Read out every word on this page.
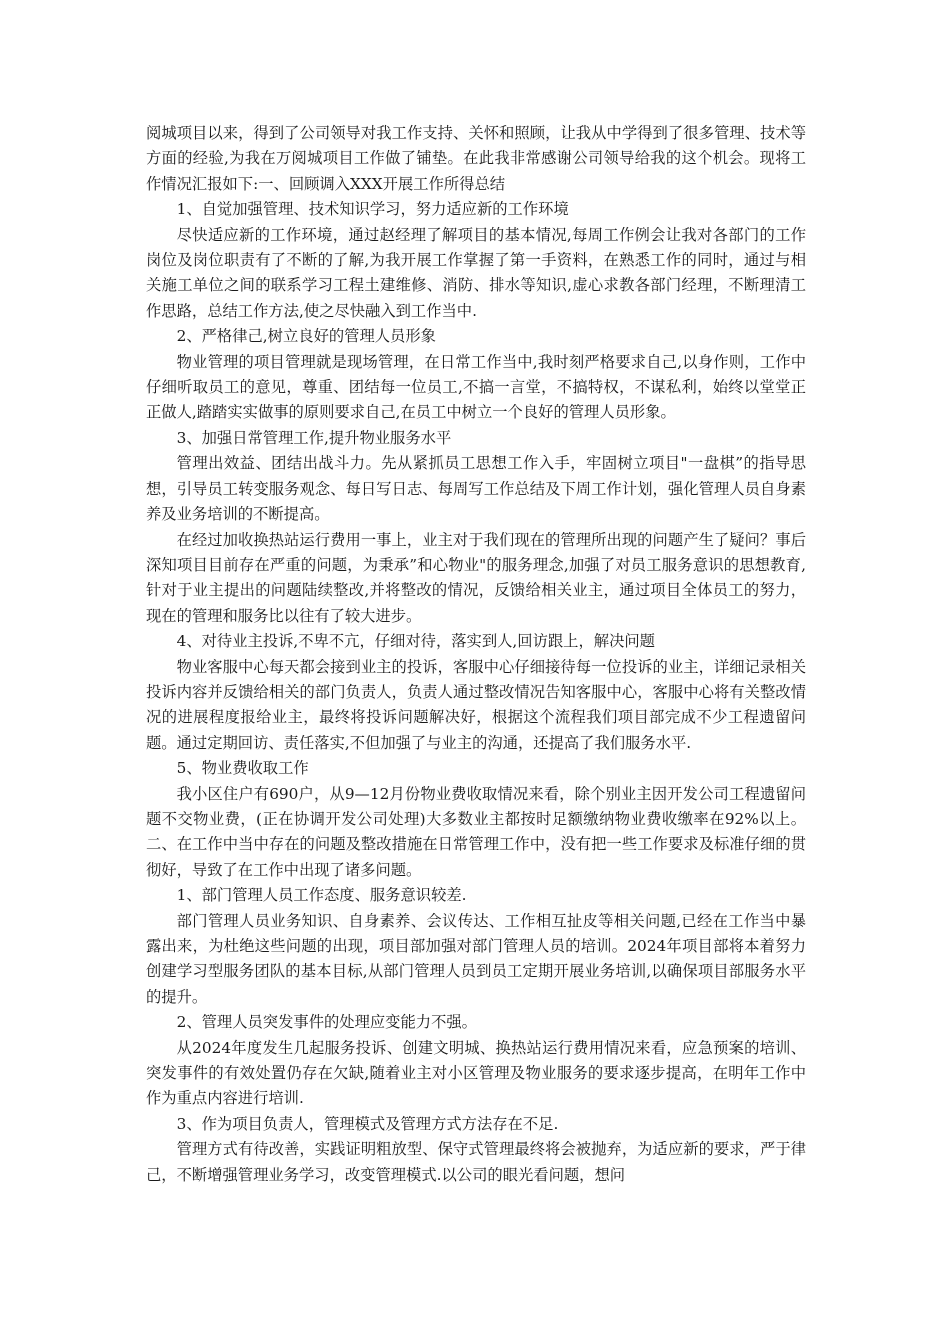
阅城项目以来，得到了公司领导对我工作支持、关怀和照顾，让我从中学得到了很多管理、技术等方面的经验,为我在万阅城项目工作做了铺垫。在此我非常感谢公司领导给我的这个机会。现将工作情况汇报如下:一、回顾调入XXX开展工作所得总结

1、自觉加强管理、技术知识学习，努力适应新的工作环境

尽快适应新的工作环境，通过赵经理了解项目的基本情况,每周工作例会让我对各部门的工作岗位及岗位职责有了不断的了解,为我开展工作掌握了第一手资料，在熟悉工作的同时，通过与相关施工单位之间的联系学习工程土建维修、消防、排水等知识,虚心求教各部门经理，不断理清工作思路，总结工作方法,使之尽快融入到工作当中.

2、严格律己,树立良好的管理人员形象

物业管理的项目管理就是现场管理，在日常工作当中,我时刻严格要求自己,以身作则，工作中仔细听取员工的意见，尊重、团结每一位员工,不搞一言堂，不搞特权，不谋私利，始终以堂堂正正做人,踏踏实实做事的原则要求自己,在员工中树立一个良好的管理人员形象。

3、加强日常管理工作,提升物业服务水平

管理出效益、团结出战斗力。先从紧抓员工思想工作入手，牢固树立项目"一盘棋”的指导思想，引导员工转变服务观念、每日写日志、每周写工作总结及下周工作计划，强化管理人员自身素养及业务培训的不断提高。

在经过加收换热站运行费用一事上，业主对于我们现在的管理所出现的问题产生了疑问？事后深知项目目前存在严重的问题，为秉承”和心物业"的服务理念,加强了对员工服务意识的思想教育,针对于业主提出的问题陆续整改,并将整改的情况，反馈给相关业主，通过项目全体员工的努力，现在的管理和服务比以往有了较大进步。

4、对待业主投诉,不卑不亢，仔细对待，落实到人,回访跟上，解决问题

物业客服中心每天都会接到业主的投诉，客服中心仔细接待每一位投诉的业主，详细记录相关投诉内容并反馈给相关的部门负责人，负责人通过整改情况告知客服中心，客服中心将有关整改情况的进展程度报给业主，最终将投诉问题解决好，根据这个流程我们项目部完成不少工程遗留问题。通过定期回访、责任落实,不但加强了与业主的沟通，还提高了我们服务水平.

5、物业费收取工作

我小区住户有690户，从9—12月份物业费收取情况来看，除个别业主因开发公司工程遗留问题不交物业费，(正在协调开发公司处理)大多数业主都按时足额缴纳物业费收缴率在92%以上。二、在工作中当中存在的问题及整改措施在日常管理工作中，没有把一些工作要求及标准仔细的贯彻好，导致了在工作中出现了诸多问题。

1、部门管理人员工作态度、服务意识较差.

部门管理人员业务知识、自身素养、会议传达、工作相互扯皮等相关问题,已经在工作当中暴露出来，为杜绝这些问题的出现，项目部加强对部门管理人员的培训。2024年项目部将本着努力创建学习型服务团队的基本目标,从部门管理人员到员工定期开展业务培训,以确保项目部服务水平的提升。

2、管理人员突发事件的处理应变能力不强。

从2024年度发生几起服务投诉、创建文明城、换热站运行费用情况来看，应急预案的培训、突发事件的有效处置仍存在欠缺,随着业主对小区管理及物业服务的要求逐步提高，在明年工作中作为重点内容进行培训.

3、作为项目负责人，管理模式及管理方式方法存在不足.

管理方式有待改善，实践证明粗放型、保守式管理最终将会被抛弃，为适应新的要求，严于律己，不断增强管理业务学习，改变管理模式.以公司的眼光看问题，想问
